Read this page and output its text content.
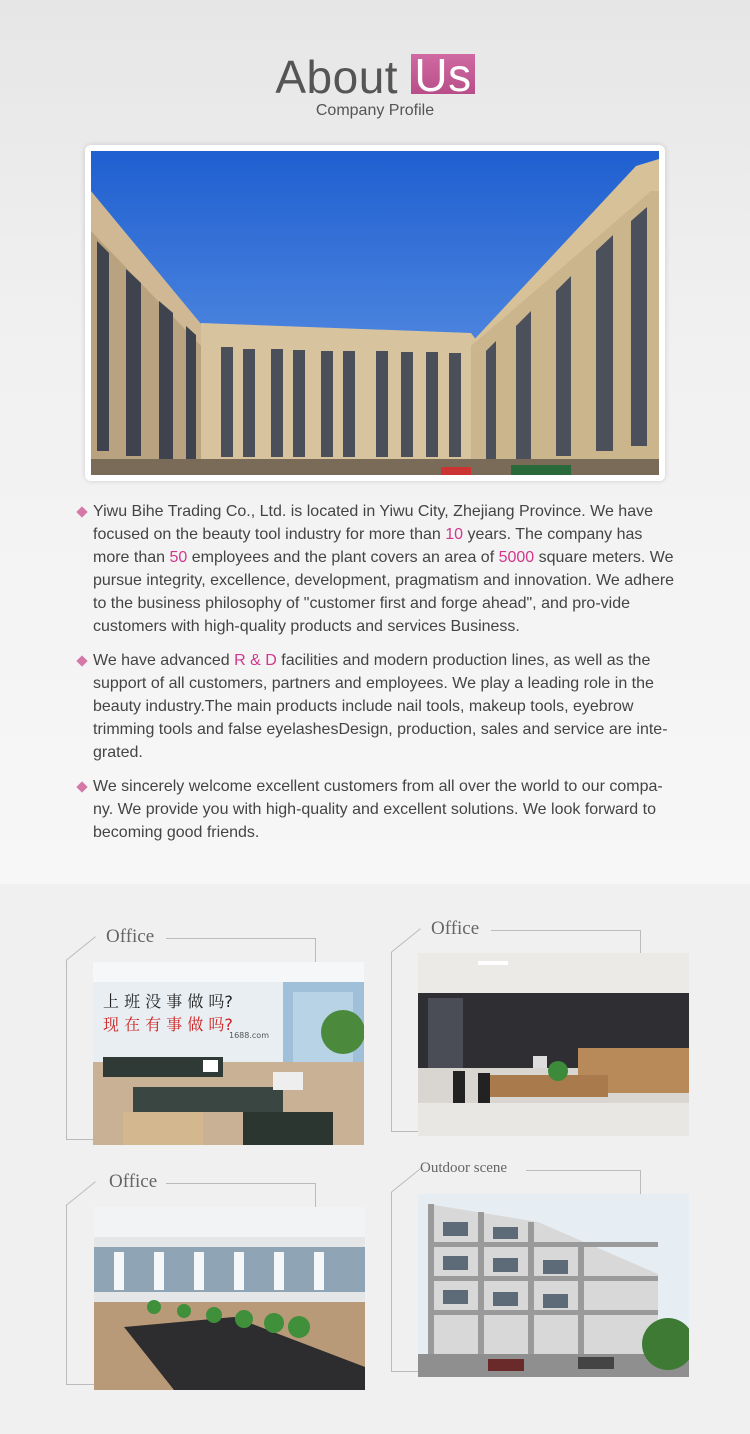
About Us
Company Profile

Yiwu Bihe Trading Co., Ltd. is located in Yiwu City, Zhejiang Province. We have focused on the beauty tool industry for more than 10 years. The company has more than 50 employees and the plant covers an area of 5000 square meters. We pursue integrity, excellence, development, pragmatism and innovation. We adhere to the business philosophy of "customer first and forge ahead", and pro-vide customers with high-quality products and services Business.

We have advanced R & D facilities and modern production lines, as well as the support of all customers, partners and employees. We play a leading role in the beauty industry.The main products include nail tools, makeup tools, eyebrow trimming tools and false eyelashesDesign, production, sales and service are inte-grated.

We sincerely welcome excellent customers from all over the world to our compa-ny. We provide you with high-quality and excellent solutions. We look forward to becoming good friends.

Office
上 班 没 事 做 吗?
现 在 有 事 做 吗?
1688.com
Office
Office
Outdoor scene
